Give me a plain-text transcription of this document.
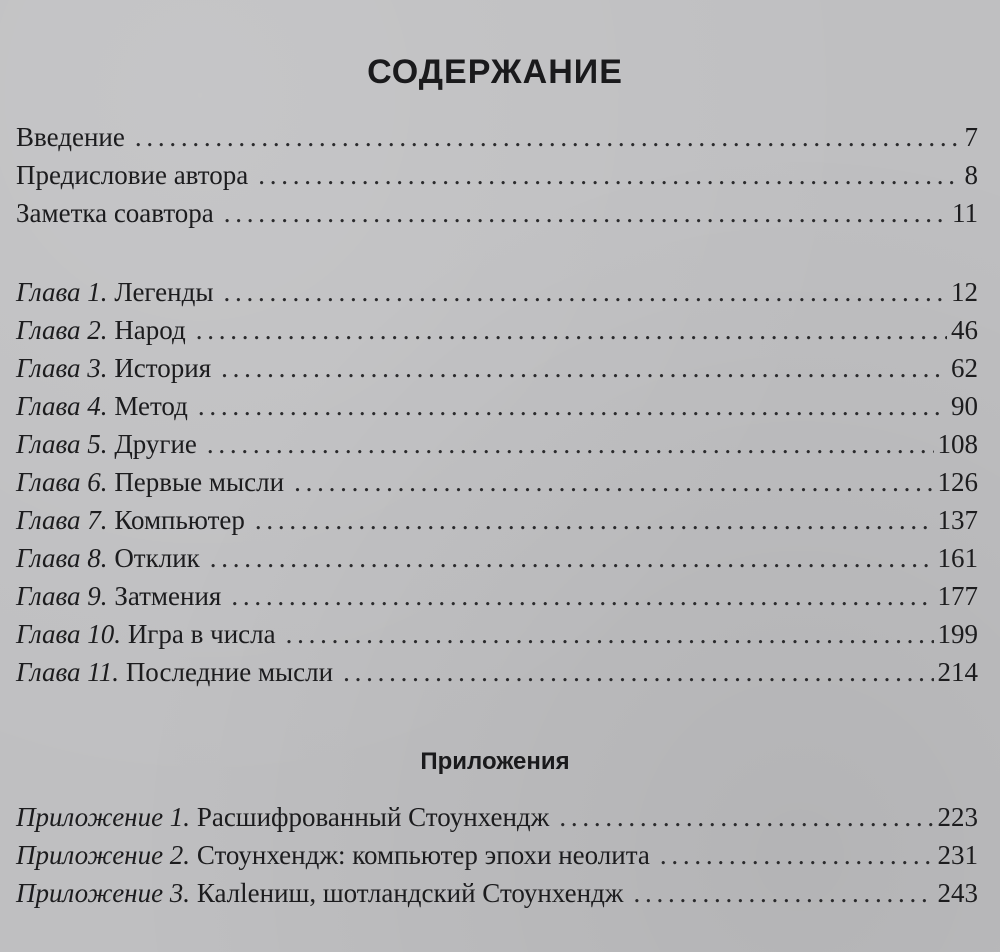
СОДЕРЖАНИЕ
Введение . . .	7
Предисловие автора . . .	8
Заметка соавтора . . .	11
Глава 1. Легенды . . .	12
Глава 2. Народ . . .	46
Глава 3. История . . .	62
Глава 4. Метод . . .	90
Глава 5. Другие . . .	108
Глава 6. Первые мысли . . .	126
Глава 7. Компьютер . . .	137
Глава 8. Отклик . . .	161
Глава 9. Затмения . . .	177
Глава 10. Игра в числа . . .	199
Глава 11. Последние мысли . . .	214
Приложения
Приложение 1. Расшифрованный Стоунхендж . . .	223
Приложение 2. Стоунхендж: компьютер эпохи неолита . . .	231
Приложение 3. Калleниш, шотландский Стоунхендж . . .	243
